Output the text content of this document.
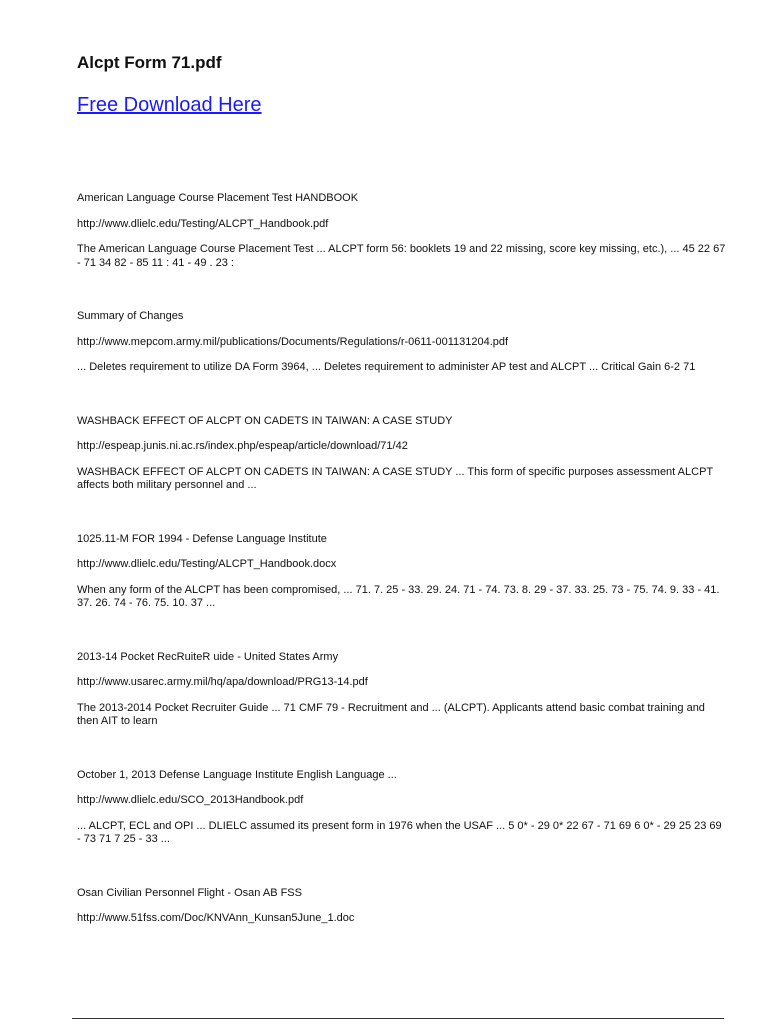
Alcpt Form 71.pdf
Free Download Here

American Language Course Placement Test HANDBOOK

http://www.dlielc.edu/Testing/ALCPT_Handbook.pdf

The American Language Course Placement Test ... ALCPT form 56: booklets 19 and 22 missing, score key missing, etc.), ... 45 22 67 - 71 34 82 - 85 11 : 41 - 49 . 23 :

Summary of Changes

http://www.mepcom.army.mil/publications/Documents/Regulations/r-0611-001131204.pdf

... Deletes requirement to utilize DA Form 3964, ... Deletes requirement to administer AP test and ALCPT ... Critical Gain 6-2 71

WASHBACK EFFECT OF ALCPT ON CADETS IN TAIWAN: A CASE STUDY

http://espeap.junis.ni.ac.rs/index.php/espeap/article/download/71/42

WASHBACK EFFECT OF ALCPT ON CADETS IN TAIWAN: A CASE STUDY ... This form of specific purposes assessment ALCPT affects both military personnel and ...

1025.11-M FOR 1994 - Defense Language Institute

http://www.dlielc.edu/Testing/ALCPT_Handbook.docx

When any form of the ALCPT has been compromised, ... 71. 7. 25 - 33. 29. 24. 71 - 74. 73. 8. 29 - 37. 33. 25. 73 - 75. 74. 9. 33 - 41. 37. 26. 74 - 76. 75. 10. 37 ...

2013-14 Pocket RecRuiteR uide - United States Army

http://www.usarec.army.mil/hq/apa/download/PRG13-14.pdf

The 2013-2014 Pocket Recruiter Guide ... 71 CMF 79 - Recruitment and ... (ALCPT). Applicants attend basic combat training and then AIT to learn

October 1, 2013 Defense Language Institute English Language ...

http://www.dlielc.edu/SCO_2013Handbook.pdf

... ALCPT, ECL and OPI ... DLIELC assumed its present form in 1976 when the USAF ... 5 0* - 29 0* 22 67 - 71 69 6 0* - 29 25 23 69 - 73 71 7 25 - 33 ...

Osan Civilian Personnel Flight - Osan AB FSS

http://www.51fss.com/Doc/KNVAnn_Kunsan5June_1.doc
